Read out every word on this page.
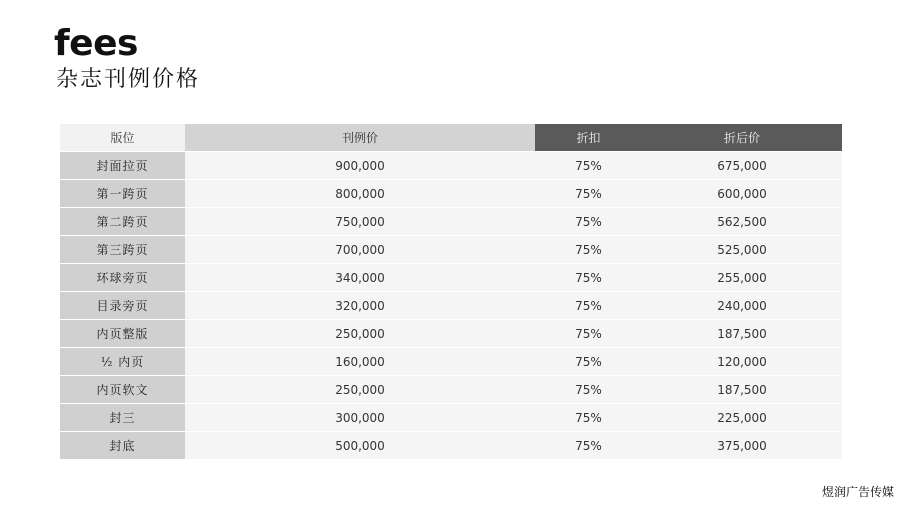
fees
杂志刊例价格
版位	刊例价	折扣	折后价
封面拉页	900,000	75%	675,000
第一跨页	800,000	75%	600,000
第二跨页	750,000	75%	562,500
第三跨页	700,000	75%	525,000
环球旁页	340,000	75%	255,000
目录旁页	320,000	75%	240,000
内页整版	250,000	75%	187,500
½ 内页	160,000	75%	120,000
内页软文	250,000	75%	187,500
封三	300,000	75%	225,000
封底	500,000	75%	375,000
煜润广告传媒
